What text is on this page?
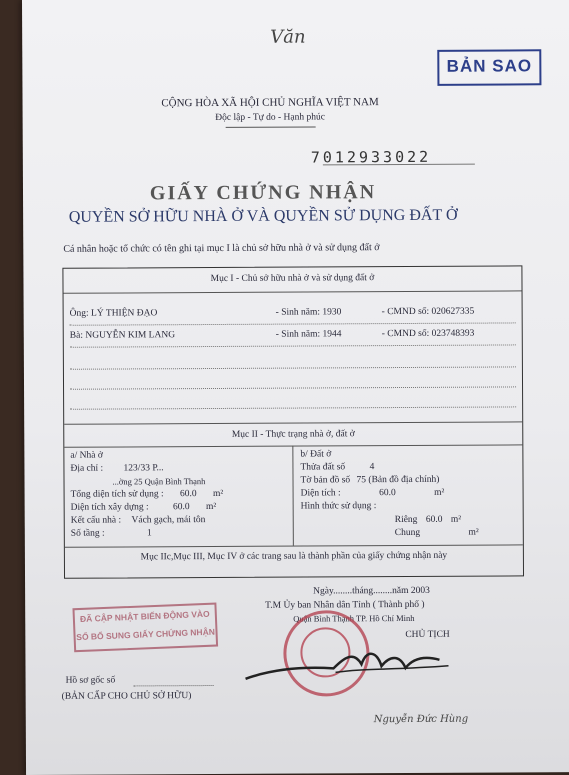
Văn
BẢN SAO
CỘNG HÒA XÃ HỘI CHỦ NGHĨA VIỆT NAM
Độc lập - Tự do - Hạnh phúc
7012933022
GIẤY CHỨNG NHẬN
QUYỀN SỞ HỮU NHÀ Ở VÀ QUYỀN SỬ DỤNG ĐẤT Ở
Cá nhân hoặc tổ chức có tên ghi tại mục I là chủ sở hữu nhà ở và sử dụng đất ở
Mục I - Chủ sở hữu nhà ở và sử dụng đất ở
Ông: LÝ THIỆN ĐẠO	- Sinh năm: 1930	- CMND số: 020627335
Bà: NGUYỄN KIM LANG	- Sinh năm: 1944	- CMND số: 023748393
Mục II - Thực trạng nhà ở, đất ở
a/ Nhà ở
Địa chỉ : 123/33 P...
...ờng 25 Quận Bình Thạnh
Tổng diện tích sử dụng : 60.0 m²
Diện tích xây dựng :	60.0 m²
Kết cấu nhà : Vách gạch, mái tôn
Số tầng :	1
b/ Đất ở
Thửa đất số	4
Tờ bản đồ số 75 (Bản đồ địa chính)
Diện tích :	60.0	m²
Hình thức sử dụng :
Riêng 60.0 m²
Chung	m²
Mục IIc,Mục III, Mục IV ở các trang sau là thành phần của giấy chứng nhận này
Ngày........tháng........năm 2003
T.M Ủy ban Nhân dân Tỉnh ( Thành phố )
Quận Bình Thạnh TP. Hồ Chí Minh
CHỦ TỊCH
ĐÃ CẬP NHẬT BIẾN ĐỘNG VÀO
SỔ BỔ SUNG GIẤY CHỨNG NHẬN
Nguyễn Đức Hùng
Hồ sơ gốc số
(BẢN CẤP CHO CHỦ SỞ HỮU)
